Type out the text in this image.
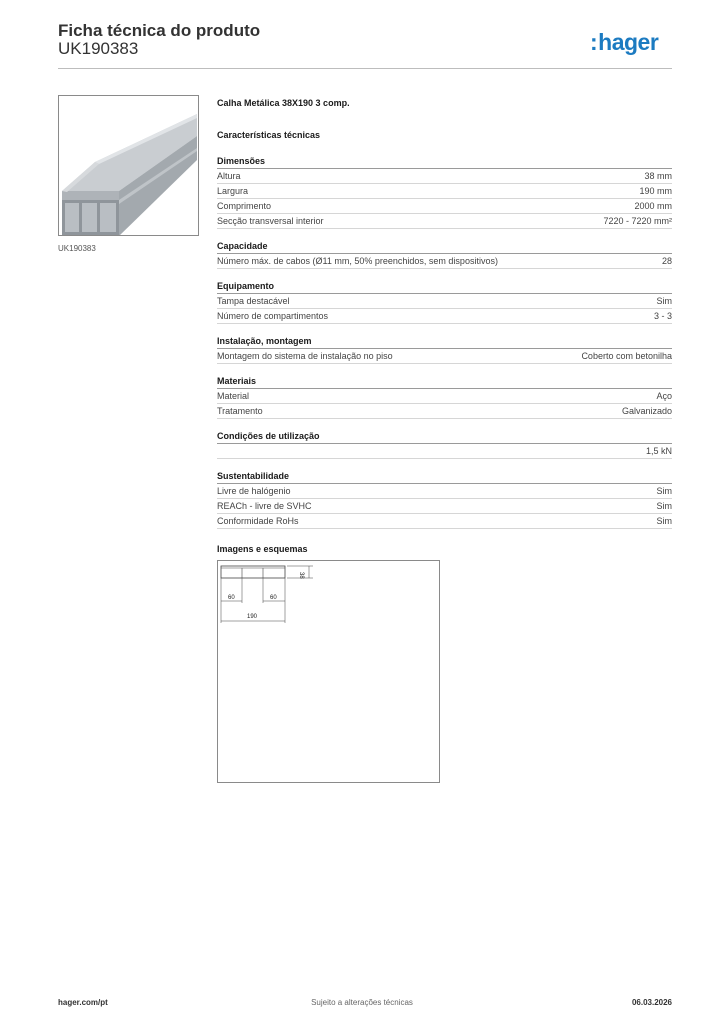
Ficha técnica do produto
UK190383	:hager
UK190383
Calha Metálica 38X190 3 comp.
Características técnicas
Dimensões
Altura	38 mm
Largura	190 mm
Comprimento	2000 mm
Secção transversal interior	7220 - 7220 mm²
Capacidade
Número máx. de cabos (Ø11 mm, 50% preenchidos, sem dispositivos)	28
Equipamento
Tampa destacável	Sim
Número de compartimentos	3 - 3
Instalação, montagem
Montagem do sistema de instalação no piso	Coberto com betonilha
Materiais
Material	Aço
Tratamento	Galvanizado
Condições de utilização
1,5 kN
Sustentabilidade
Livre de halógenio	Sim
REACh - livre de SVHC	Sim
Conformidade RoHs	Sim
Imagens e esquemas
38
60	60
190
Sujeito a alterações técnicas
hager.com/pt	06.03.2026
